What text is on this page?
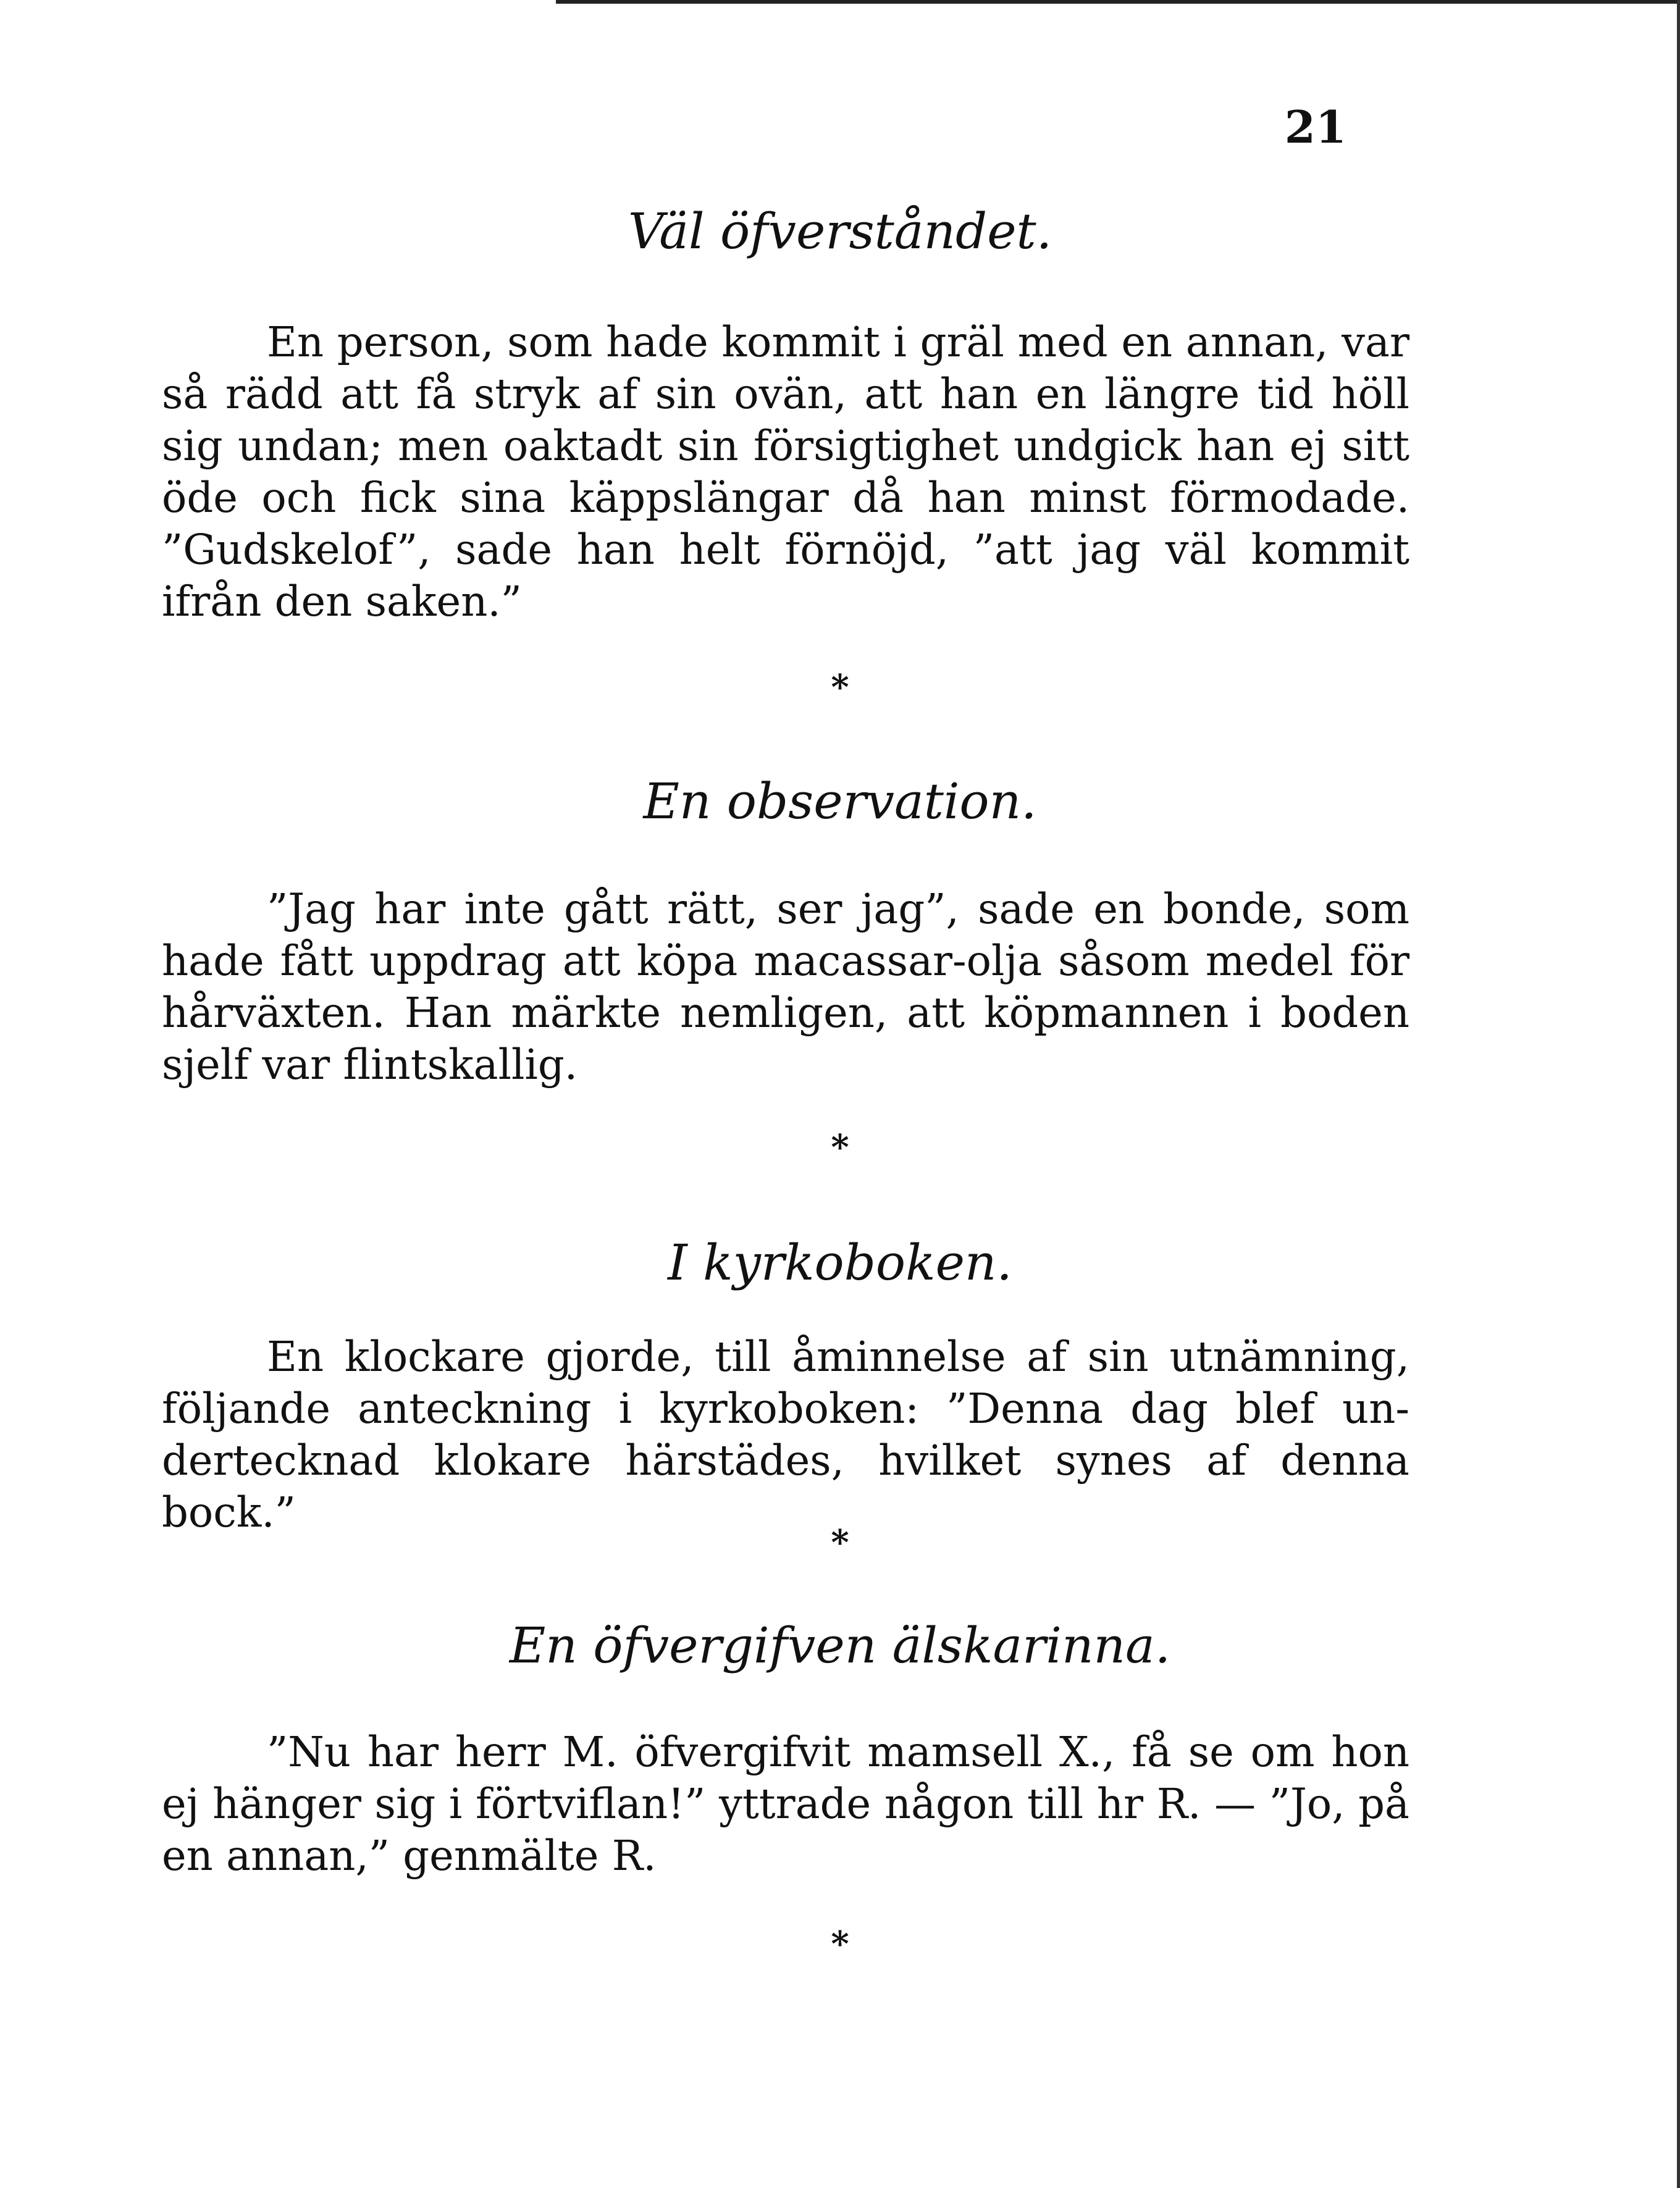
21
Väl öfverståndet.

En person, som hade kommit i gräl med en annan, var så rädd att få stryk af sin ovän, att han en längre tid höll sig undan; men oaktadt sin försigtighet undgick han ej sitt öde och fick sina käppslängar då han minst förmodade. ”Gudskelof”, sade han helt förnöjd, ”att jag väl kommit ifrån den saken.”

*
En observation.

”Jag har inte gått rätt, ser jag”, sade en bonde, som hade fått uppdrag att köpa macassar-olja såsom medel för hårväxten. Han märkte nemligen, att köpmannen i boden sjelf var flintskallig.

*
I kyrkoboken.

En klockare gjorde, till åminnelse af sin utnämning, följande anteckning i kyrkoboken: ”Denna dag blef undertecknad klokare härstädes, hvilket synes af denna bock.”

*
En öfvergifven älskarinna.

”Nu har herr M. öfvergifvit mamsell X., få se om hon ej hänger sig i förtviflan!” yttrade någon till hr R. — ”Jo, på en annan,” genmälte R.

*
